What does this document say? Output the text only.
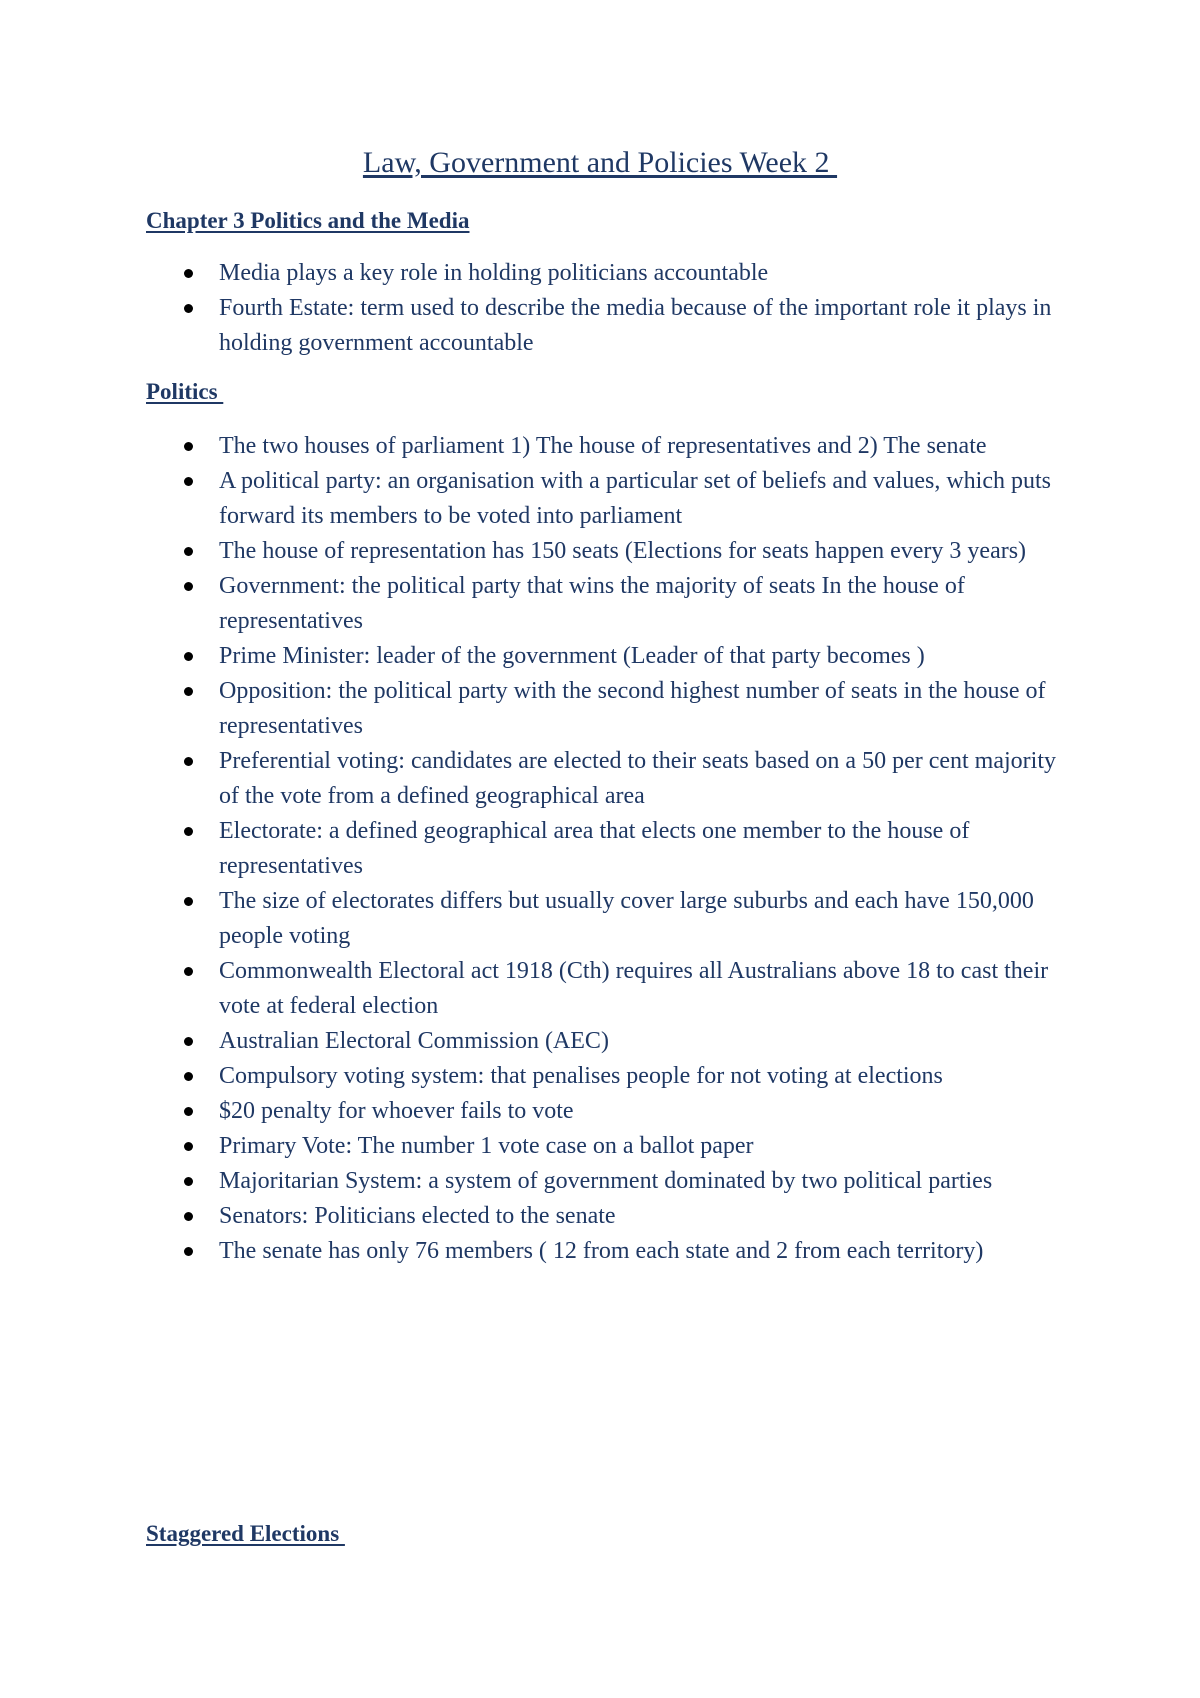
Law, Government and Policies Week 2
Chapter 3 Politics and the Media
Media plays a key role in holding politicians accountable
Fourth Estate: term used to describe the media because of the important role it plays in holding government accountable
Politics
The two houses of parliament 1) The house of representatives and 2) The senate
A political party: an organisation with a particular set of beliefs and values, which puts forward its members to be voted into parliament
The house of representation has 150 seats (Elections for seats happen every 3 years)
Government: the political party that wins the majority of seats In the house of representatives
Prime Minister: leader of the government (Leader of that party becomes )
Opposition: the political party with the second highest number of seats in the house of representatives
Preferential voting: candidates are elected to their seats based on a 50 per cent majority of the vote from a defined geographical area
Electorate: a defined geographical area that elects one member to the house of representatives
The size of electorates differs but usually cover large suburbs and each have 150,000 people voting
Commonwealth Electoral act 1918 (Cth) requires all Australians above 18 to cast their vote at federal election
Australian Electoral Commission (AEC)
Compulsory voting system: that penalises people for not voting at elections
$20 penalty for whoever fails to vote
Primary Vote: The number 1 vote case on a ballot paper
Majoritarian System: a system of government dominated by two political parties
Senators: Politicians elected to the senate
The senate has only 76 members ( 12 from each state and 2 from each territory)
Staggered Elections
